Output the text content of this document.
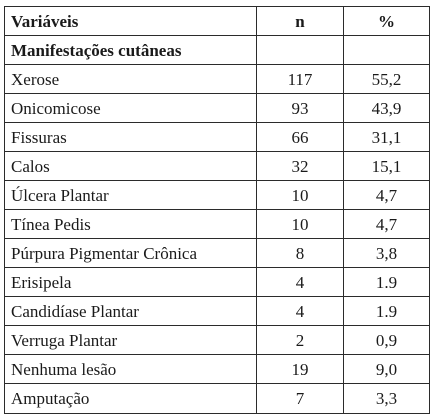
Variáveis	n	%
Manifestações cutâneas		
Xerose	117	55,2
Onicomicose	93	43,9
Fissuras	66	31,1
Calos	32	15,1
Úlcera Plantar	10	4,7
Tínea Pedis	10	4,7
Púrpura Pigmentar Crônica	8	3,8
Erisipela	4	1.9
Candidíase Plantar	4	1.9
Verruga Plantar	2	0,9
Nenhuma lesão	19	9,0
Amputação	7	3,3
